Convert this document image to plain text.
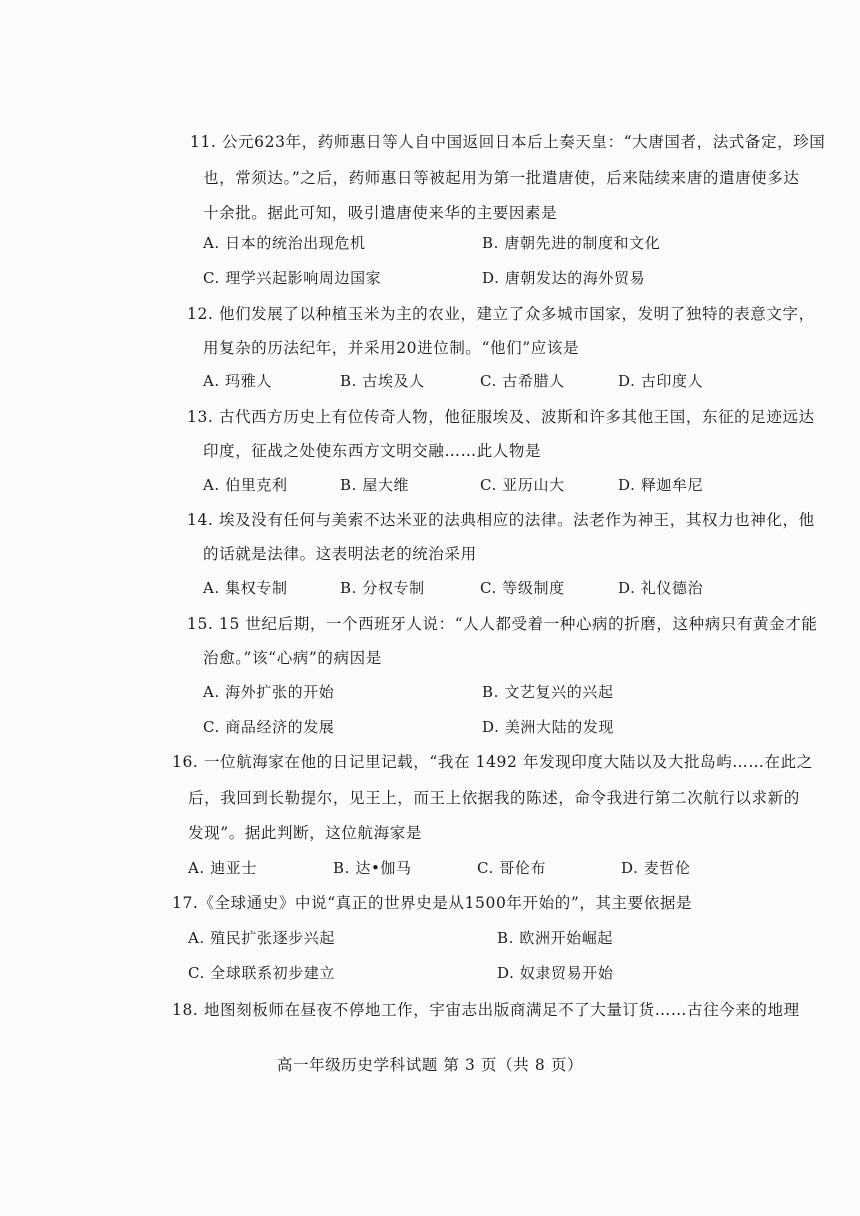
11. 公元623年，药师惠日等人自中国返回日本后上奏天皇：“大唐国者，法式备定，珍国
也，常须达。”之后，药师惠日等被起用为第一批遣唐使，后来陆续来唐的遣唐使多达
十余批。据此可知，吸引遣唐使来华的主要因素是
A. 日本的统治出现危机	B. 唐朝先进的制度和文化
C. 理学兴起影响周边国家	D. 唐朝发达的海外贸易
12. 他们发展了以种植玉米为主的农业，建立了众多城市国家，发明了独特的表意文字，
用复杂的历法纪年，并采用20进位制。“他们”应该是
A. 玛雅人	B. 古埃及人	C. 古希腊人	D. 古印度人
13. 古代西方历史上有位传奇人物，他征服埃及、波斯和许多其他王国，东征的足迹远达
印度，征战之处使东西方文明交融……此人物是
A. 伯里克利	B. 屋大维	C. 亚历山大	D. 释迦牟尼
14. 埃及没有任何与美索不达米亚的法典相应的法律。法老作为神王，其权力也神化，他
的话就是法律。这表明法老的统治采用
A. 集权专制	B. 分权专制	C. 等级制度	D. 礼仪德治
15. 15 世纪后期，一个西班牙人说：“人人都受着一种心病的折磨，这种病只有黄金才能
治愈。”该“心病”的病因是
A. 海外扩张的开始	B. 文艺复兴的兴起
C. 商品经济的发展	D. 美洲大陆的发现
16. 一位航海家在他的日记里记载，“我在 1492 年发现印度大陆以及大批岛屿……在此之
后，我回到长勒提尔，见王上，而王上依据我的陈述，命令我进行第二次航行以求新的
发现”。据此判断，这位航海家是
A. 迪亚士	B. 达•伽马	C. 哥伦布	D. 麦哲伦
17.《全球通史》中说“真正的世界史是从1500年开始的”，其主要依据是
A. 殖民扩张逐步兴起	B. 欧洲开始崛起
C. 全球联系初步建立	D. 奴隶贸易开始
18. 地图刻板师在昼夜不停地工作，宇宙志出版商满足不了大量订货……古往今来的地理
高一年级历史学科试题 第 3 页（共 8 页）
